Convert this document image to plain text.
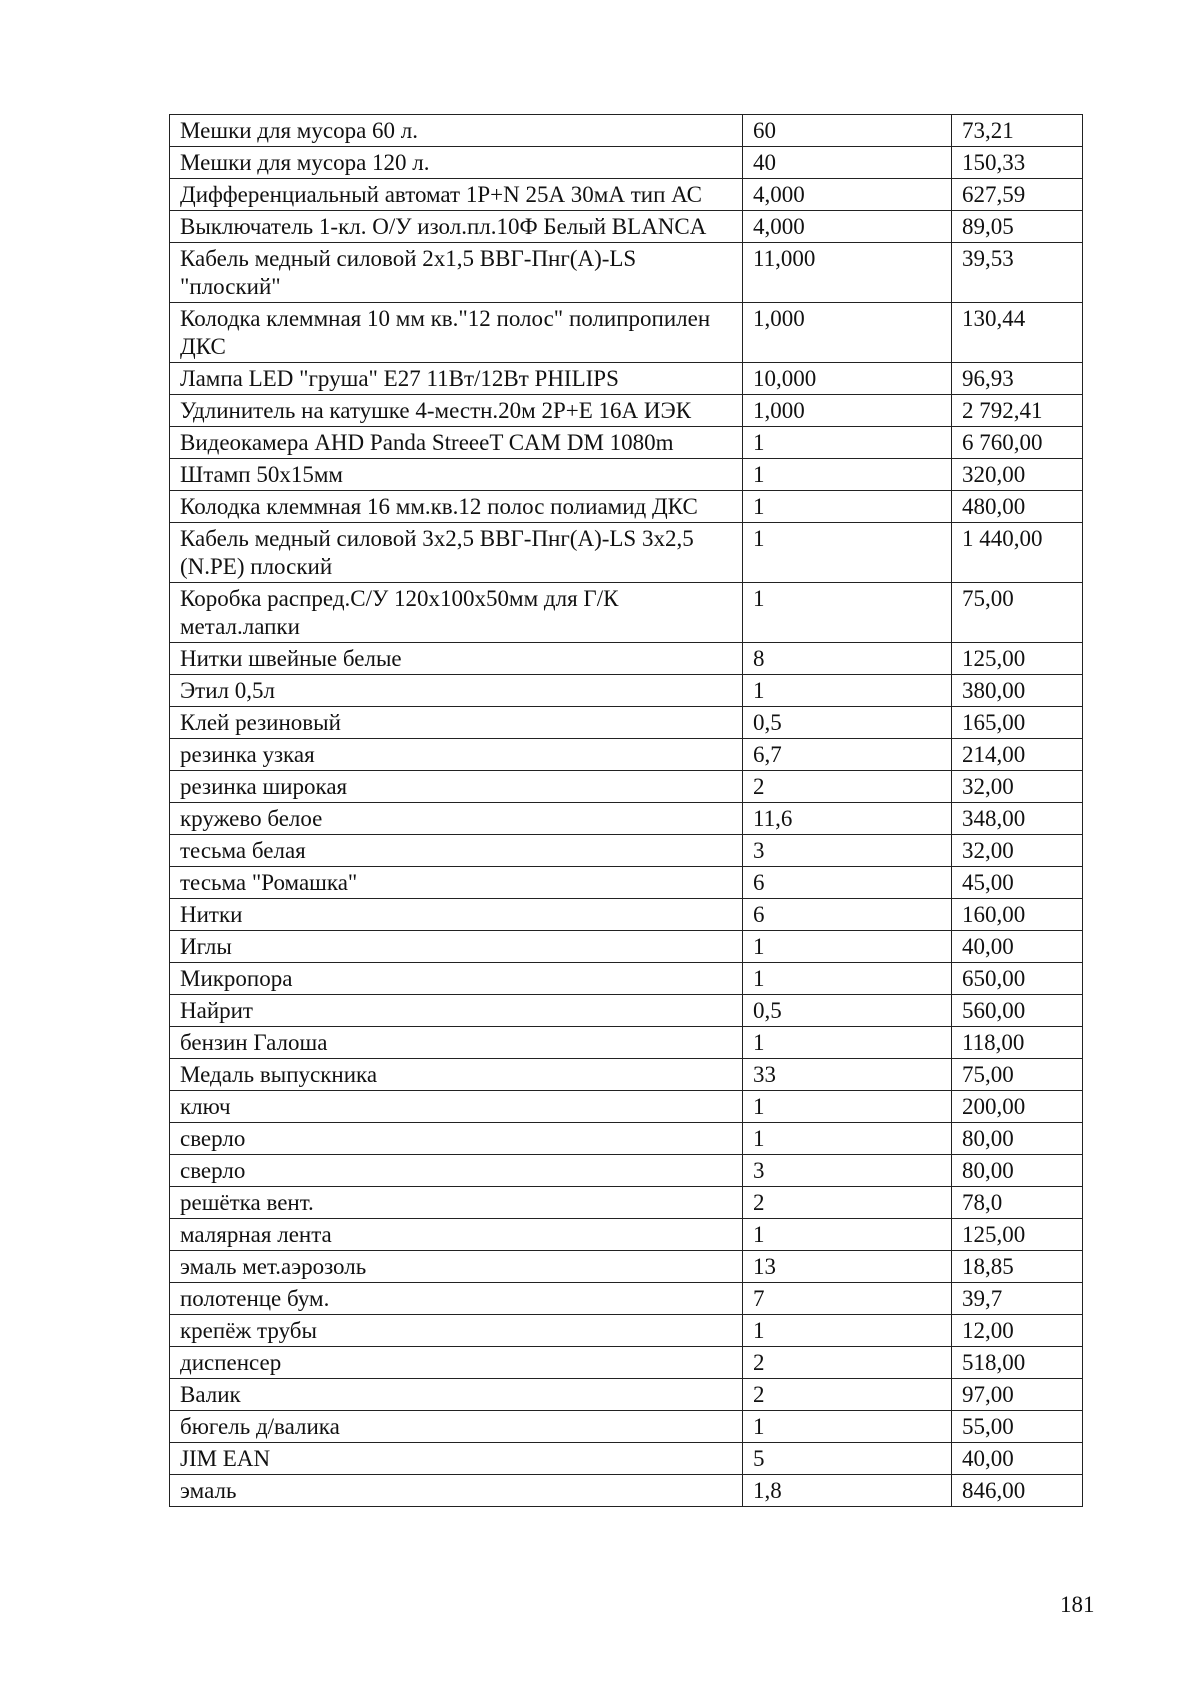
Мешки для мусора 60 л.	60	73,21
Мешки для мусора 120 л.	40	150,33
Дифференциальный автомат 1P+N 25А 30мА тип АС	4,000	627,59
Выключатель 1-кл. О/У изол.пл.10Ф Белый BLANCA	4,000	89,05
Кабель медный силовой 2х1,5 ВВГ-Пнг(А)-LS "плоский"	11,000	39,53
Колодка клеммная 10 мм кв."12 полос" полипропилен ДКС	1,000	130,44
Лампа LED "груша" E27 11Вт/12Вт PHILIPS	10,000	96,93
Удлинитель на катушке 4-местн.20м 2P+E 16А ИЭК	1,000	2 792,41
Видеокамера AHD Panda StreeeT CAM DM 1080m	1	6 760,00
Штамп 50х15мм	1	320,00
Колодка клеммная 16 мм.кв.12 полос полиамид ДКС	1	480,00
Кабель медный силовой 3х2,5 ВВГ-Пнг(А)-LS 3х2,5 (N.PE) плоский	1	1 440,00
Коробка распред.С/У 120х100х50мм для Г/К метал.лапки	1	75,00
Нитки швейные белые	8	125,00
Этил 0,5л	1	380,00
Клей резиновый	0,5	165,00
резинка узкая	6,7	214,00
резинка широкая	2	32,00
кружево белое	11,6	348,00
тесьма белая	3	32,00
тесьма "Ромашка"	6	45,00
Нитки	6	160,00
Иглы	1	40,00
Микропора	1	650,00
Найрит	0,5	560,00
бензин Галоша	1	118,00
Медаль выпускника	33	75,00
ключ	1	200,00
сверло	1	80,00
сверло	3	80,00
решётка вент.	2	78,0
малярная лента	1	125,00
эмаль мет.аэрозоль	13	18,85
полотенце бум.	7	39,7
крепёж трубы	1	12,00
диспенсер	2	518,00
Валик	2	97,00
бюгель д/валика	1	55,00
JIM EAN	5	40,00
эмаль	1,8	846,00
181
